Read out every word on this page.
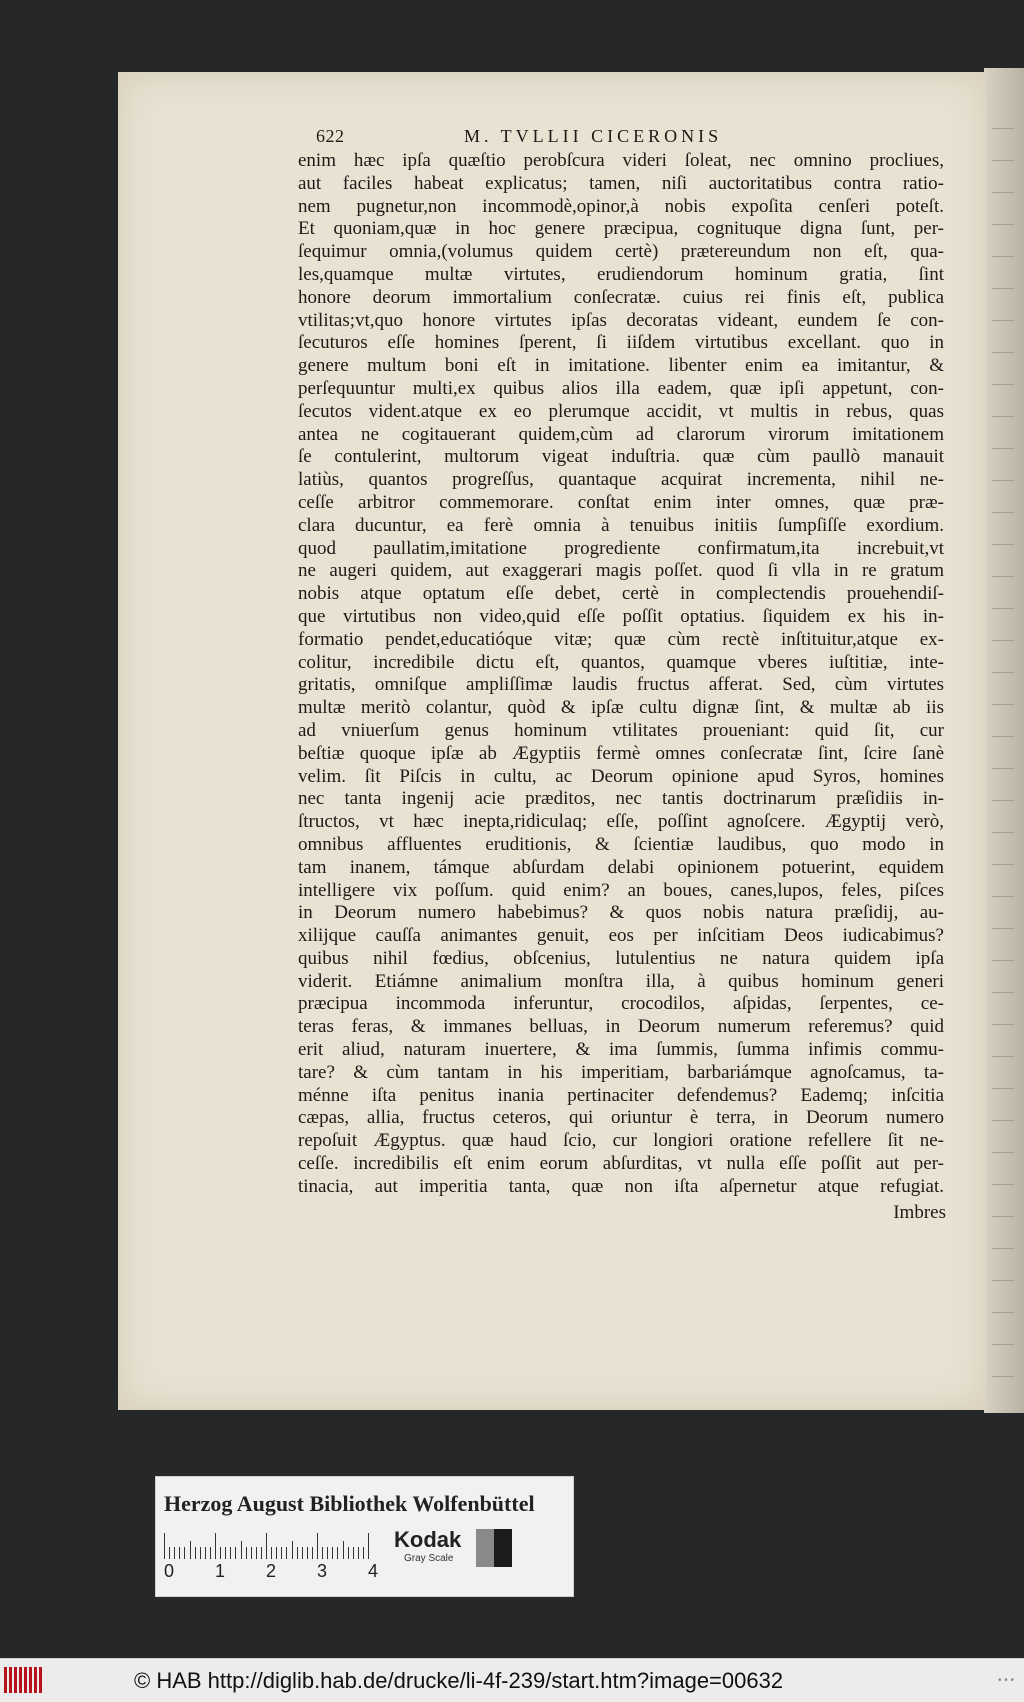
622	M. TVLLII CICERONIS
enim hæc ipſa quæſtio perobſcura videri ſoleat, nec omnino procliues,
aut faciles habeat explicatus; tamen, niſi auctoritatibus contra ratio-
nem pugnetur,non incommodè,opinor,à nobis expoſita cenſeri poteſt.
Et quoniam,quæ in hoc genere præcipua, cognituque digna ſunt, per-
ſequimur omnia,(volumus quidem certè) prætereundum non eſt, qua-
les,quamque multæ virtutes, erudiendorum hominum gratia, ſint
honore deorum immortalium conſecratæ. cuius rei finis eſt, publica
vtilitas;vt,quo honore virtutes ipſas decoratas videant, eundem ſe con-
ſecuturos eſſe homines ſperent, ſi iiſdem virtutibus excellant. quo in
genere multum boni eſt in imitatione. libenter enim ea imitantur, &
perſequuntur multi,ex quibus alios illa eadem, quæ ipſi appetunt, con-
ſecutos vident.atque ex eo plerumque accidit, vt multis in rebus, quas
antea ne cogitauerant quidem,cùm ad clarorum virorum imitationem
ſe contulerint, multorum vigeat induſtria. quæ cùm paullò manauit
latiùs, quantos progreſſus, quantaque acquirat incrementa, nihil ne-
ceſſe arbitror commemorare. conſtat enim inter omnes, quæ præ-
clara ducuntur, ea ferè omnia à tenuibus initiis ſumpſiſſe exordium.
quod paullatim,imitatione progrediente confirmatum,ita increbuit,vt
ne augeri quidem, aut exaggerari magis poſſet. quod ſi vlla in re gratum
nobis atque optatum eſſe debet, certè in complectendis prouehendiſ-
que virtutibus non video,quid eſſe poſſit optatius. ſiquidem ex his in-
formatio pendet,educatióque vitæ; quæ cùm rectè inſtituitur,atque ex-
colitur, incredibile dictu eſt, quantos, quamque vberes iuſtitiæ, inte-
gritatis, omniſque ampliſſimæ laudis fructus afferat. Sed, cùm virtutes
multæ meritò colantur, quòd & ipſæ cultu dignæ ſint, & multæ ab iis
ad vniuerſum genus hominum vtilitates proueniant: quid ſit, cur
beſtiæ quoque ipſæ ab Ægyptiis fermè omnes conſecratæ ſint, ſcire ſanè
velim. ſit Piſcis in cultu, ac Deorum opinione apud Syros, homines
nec tanta ingenij acie præditos, nec tantis doctrinarum præſidiis in-
ſtructos, vt hæc inepta,ridiculaq; eſſe, poſſint agnoſcere. Ægyptij verò,
omnibus affluentes eruditionis, & ſcientiæ laudibus, quo modo in
tam inanem, támque abſurdam delabi opinionem potuerint, equidem
intelligere vix poſſum. quid enim? an boues, canes,lupos, feles, piſces
in Deorum numero habebimus? & quos nobis natura præſidij, au-
xilijque cauſſa animantes genuit, eos per inſcitiam Deos iudicabimus?
quibus nihil fœdius, obſcenius, lutulentius ne natura quidem ipſa
viderit. Etiámne animalium monſtra illa, à quibus hominum generi
præcipua incommoda inferuntur, crocodilos, aſpidas, ſerpentes, ce-
teras feras, & immanes belluas, in Deorum numerum referemus? quid
erit aliud, naturam inuertere, & ima ſummis, ſumma infimis commu-
tare? & cùm tantam in his imperitiam, barbariámque agnoſcamus, ta-
ménne iſta penitus inania pertinaciter defendemus? Eademq; inſcitia
cæpas, allia, fructus ceteros, qui oriuntur è terra, in Deorum numero
repoſuit Ægyptus. quæ haud ſcio, cur longiori oratione refellere ſit ne-
ceſſe. incredibilis eſt enim eorum abſurditas, vt nulla eſſe poſſit aut per-
tinacia, aut imperitia tanta, quæ non iſta aſpernetur atque refugiat.
Imbres
Herzog August Bibliothek Wolfenbüttel
0 1 2 3 4
Kodak
Gray Scale
© HAB http://diglib.hab.de/drucke/li-4f-239/start.htm?image=00632	• • •
